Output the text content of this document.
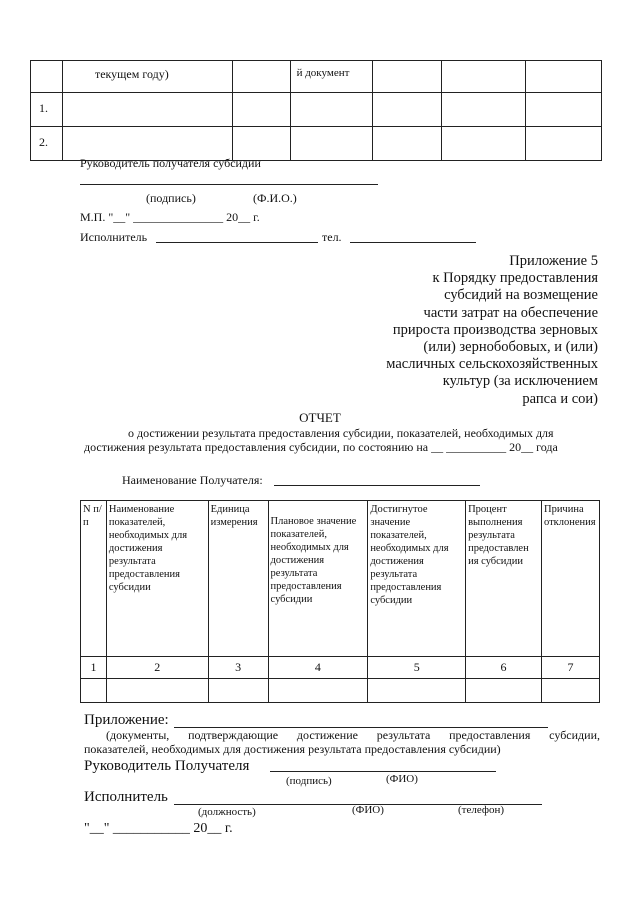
	текущем году)		й документ			
1.						
2.						
Руководитель получателя субсидии
(подпись)	(Ф.И.О.)
М.П. "__" _______________ 20__ г.
Исполнитель	тел.
Приложение 5
к Порядку предоставления
субсидий на возмещение
части затрат на обеспечение
прироста производства зерновых
(или) зернобобовых, и (или)
масличных сельскохозяйственных
культур (за исключением
рапса и сои)
ОТЧЕТ
о достижении результата предоставления субсидии, показателей, необходимых для
достижения результата предоставления субсидии, по состоянию на __ __________ 20__ года
Наименование Получателя:
N п/п	Наименование показателей, необходимых для достижения результата предоставления субсидии	Единица измерения	Плановое значение показателей, необходимых для достижения результата предоставления субсидии	Достигнутое значение показателей, необходимых для достижения результата предоставления субсидии	Процент выполнения результата предоставлен ия субсидии	Причина отклонения
1	2	3	4	5	6	7

Приложение:
(документы, подтверждающие достижение результата предоставления субсидии,
показателей, необходимых для достижения результата предоставления субсидии)
Руководитель Получателя
(подпись)	(ФИО)
Исполнитель
(должность)	(ФИО)	(телефон)
"__" ___________ 20__ г.
